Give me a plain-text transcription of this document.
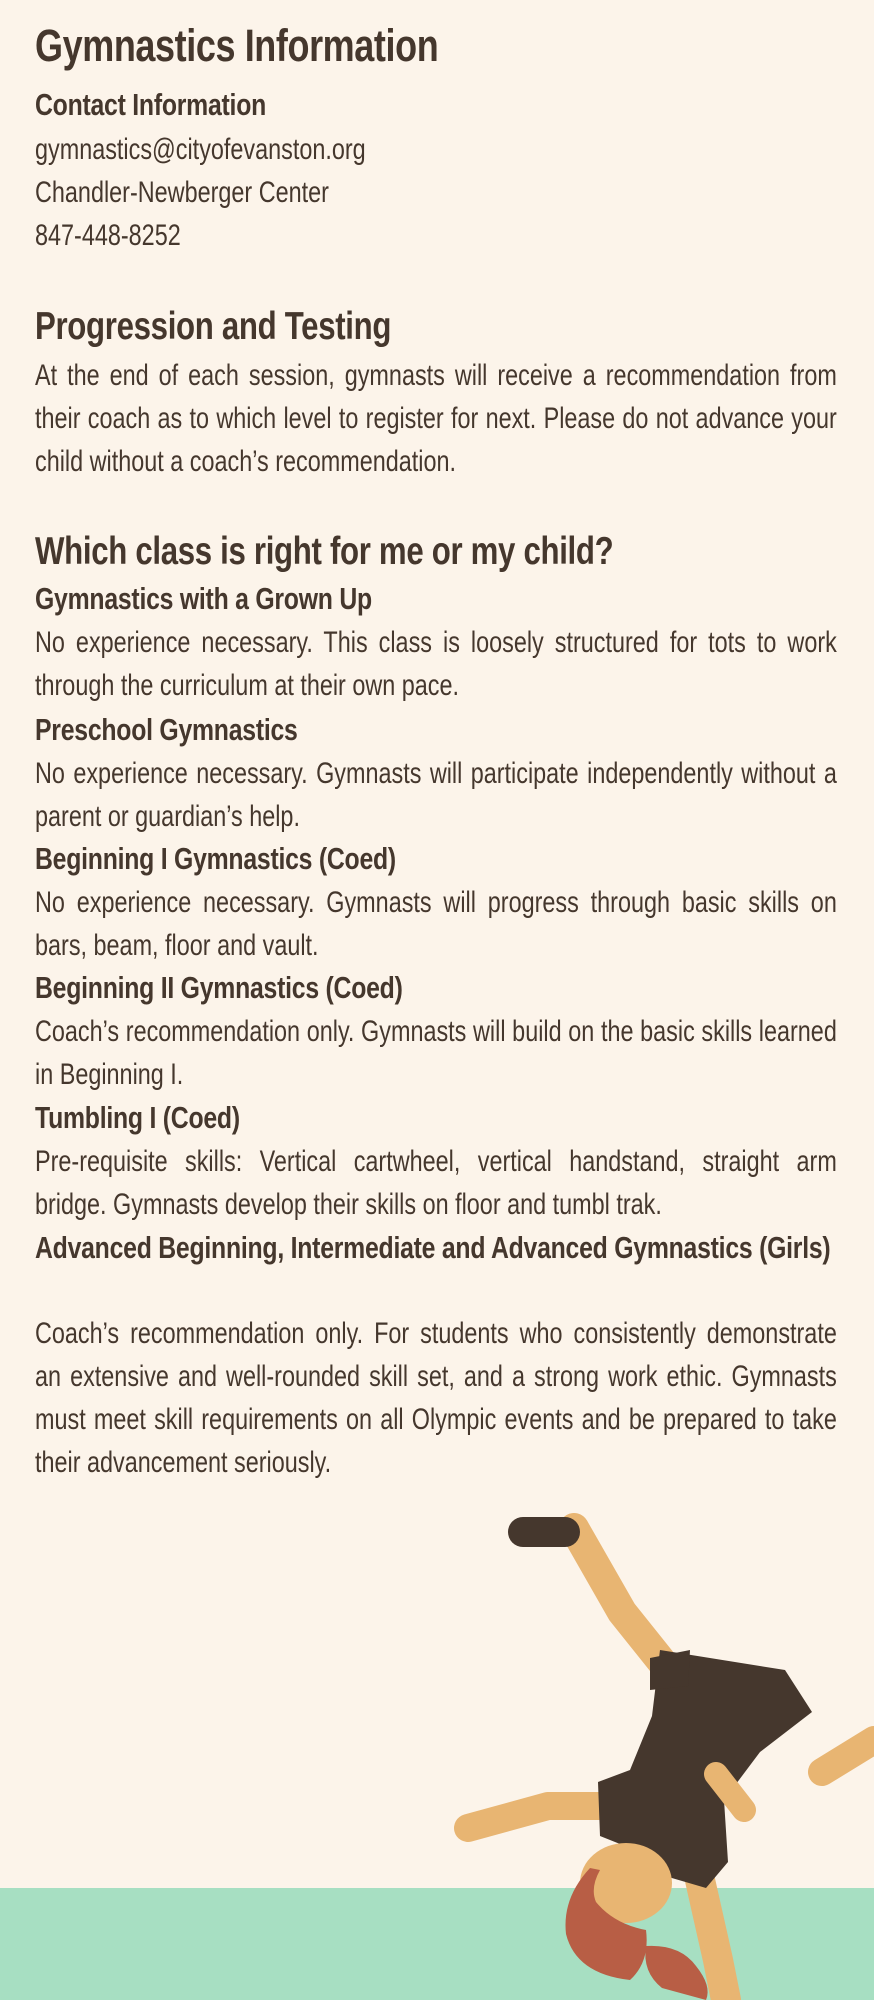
Gymnastics Information
Contact Information
gymnastics@cityofevanston.org
Chandler-Newberger Center
847-448-8252
Progression and Testing
At the end of each session, gymnasts will receive a recommendation from their coach as to which level to register for next. Please do not advance your child without a coach’s recommendation.
Which class is right for me or my child?
Gymnastics with a Grown Up
No experience necessary. This class is loosely structured for tots to work through the curriculum at their own pace.
Preschool Gymnastics
No experience necessary. Gymnasts will participate independently without a parent or guardian’s help.
Beginning I Gymnastics (Coed)
No experience necessary. Gymnasts will progress through basic skills on bars, beam, floor and vault.
Beginning II Gymnastics (Coed)
Coach’s recommendation only. Gymnasts will build on the basic skills learned in Beginning I.
Tumbling I (Coed)
Pre-requisite skills: Vertical cartwheel, vertical handstand, straight arm bridge. Gymnasts develop their skills on floor and tumbl trak.
Advanced Beginning, Intermediate and Advanced Gymnastics (Girls)
Coach’s recommendation only. For students who consistently demonstrate an extensive and well-rounded skill set, and a strong work ethic. Gymnasts must meet skill requirements on all Olympic events and be prepared to take their advancement seriously.
